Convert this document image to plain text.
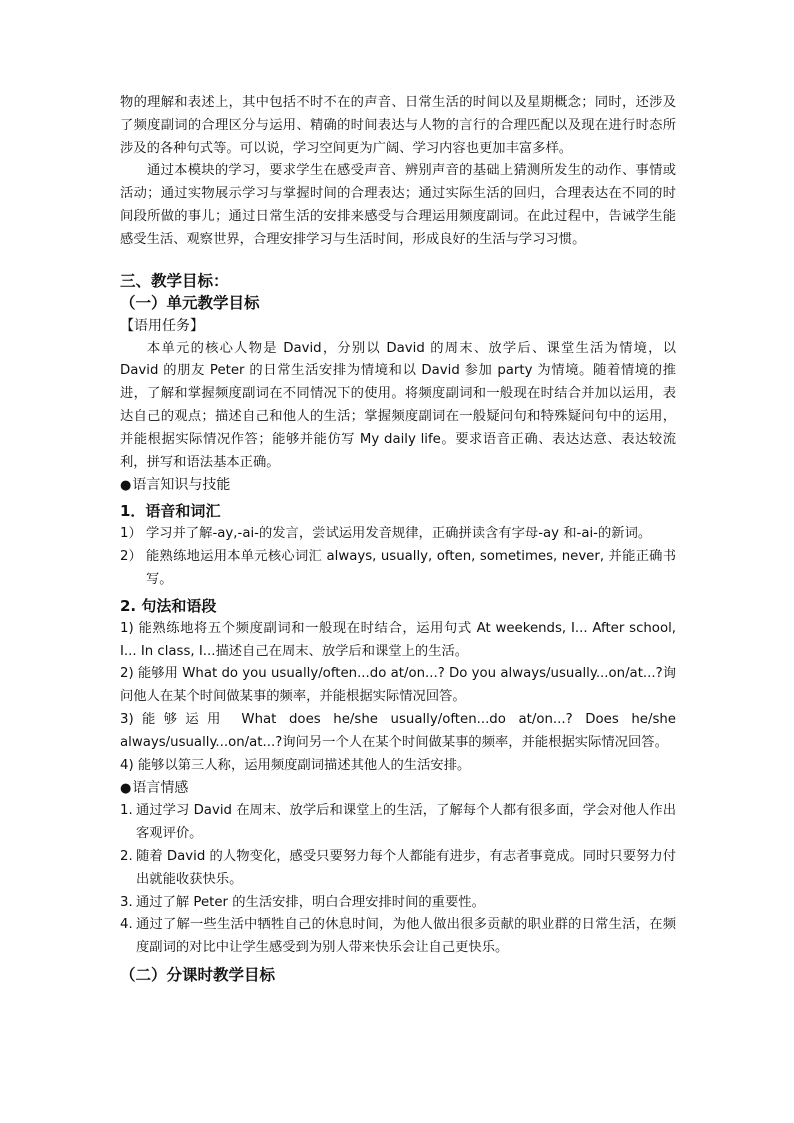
物的理解和表述上，其中包括不时不在的声音、日常生活的时间以及星期概念；同时，还涉及了频度副词的合理区分与运用、精确的时间表达与人物的言行的合理匹配以及现在进行时态所涉及的各种句式等。可以说，学习空间更为广阔、学习内容也更加丰富多样。

通过本模块的学习，要求学生在感受声音、辨别声音的基础上猜测所发生的动作、事情或活动；通过实物展示学习与掌握时间的合理表达；通过实际生活的回归，合理表达在不同的时间段所做的事儿；通过日常生活的安排来感受与合理运用频度副词。在此过程中，告诫学生能感受生活、观察世界，合理安排学习与生活时间，形成良好的生活与学习习惯。

三、教学目标：

（一）单元教学目标

【语用任务】

本单元的核心人物是 David，分别以 David 的周末、放学后、课堂生活为情境，以 David 的朋友 Peter 的日常生活安排为情境和以 David 参加 party 为情境。随着情境的推进，了解和掌握频度副词在不同情况下的使用。将频度副词和一般现在时结合并加以运用，表达自己的观点；描述自己和他人的生活；掌握频度副词在一般疑问句和特殊疑问句中的运用，并能根据实际情况作答；能够并能仿写 My daily life。要求语音正确、表达达意、表达较流利，拼写和语法基本正确。

●语言知识与技能

1．语音和词汇

1） 学习并了解-ay,-ai-的发言，尝试运用发音规律，正确拼读含有字母-ay 和-ai-的新词。
2） 能熟练地运用本单元核心词汇 always, usually, often, sometimes, never, 并能正确书写。

2. 句法和语段

1) 能熟练地将五个频度副词和一般现在时结合，运用句式 At weekends, I... After school, I... In class, I...描述自己在周末、放学后和课堂上的生活。

2) 能够用 What do you usually/often...do at/on...? Do you always/usually...on/at...?询问他人在某个时间做某事的频率，并能根据实际情况回答。

3)能够运用 What does he/she usually/often...do at/on...? Does he/she

always/usually...on/at...?询问另一个人在某个时间做某事的频率，并能根据实际情况回答。

4) 能够以第三人称，运用频度副词描述其他人的生活安排。

●语言情感

1. 通过学习 David 在周末、放学后和课堂上的生活，了解每个人都有很多面，学会对他人作出客观评价。
2. 随着 David 的人物变化，感受只要努力每个人都能有进步，有志者事竟成。同时只要努力付出就能收获快乐。
3. 通过了解 Peter 的生活安排，明白合理安排时间的重要性。
4. 通过了解一些生活中牺牲自己的休息时间，为他人做出很多贡献的职业群的日常生活，在频度副词的对比中让学生感受到为别人带来快乐会让自己更快乐。

（二）分课时教学目标
